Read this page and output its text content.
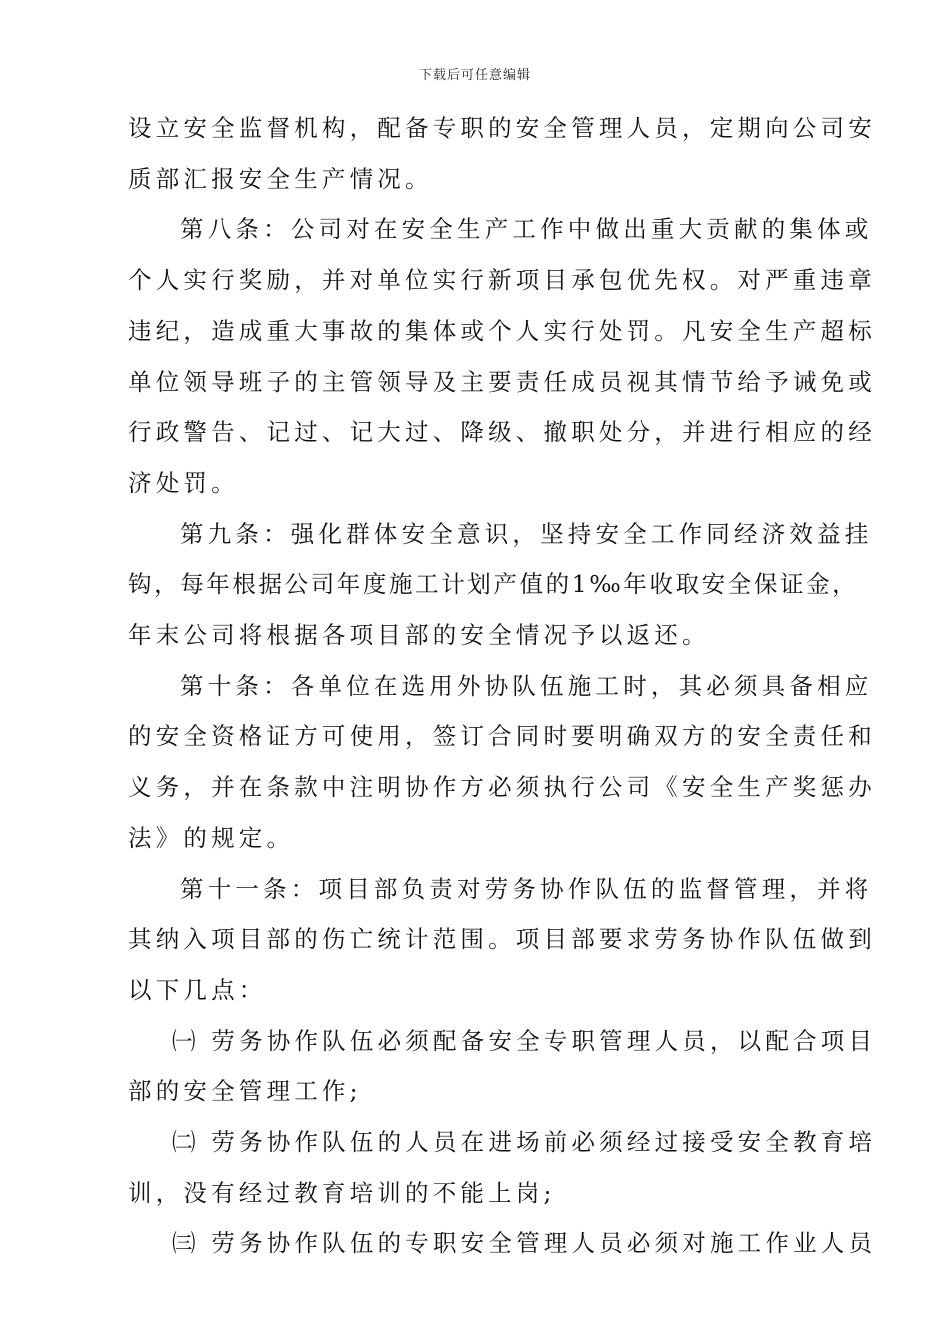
下载后可任意编辑

设立安全监督机构，配备专职的安全管理人员，定期向公司安
质部汇报安全生产情况。

第八条：公司对在安全生产工作中做出重大贡献的集体或
个人实行奖励，并对单位实行新项目承包优先权。对严重违章
违纪，造成重大事故的集体或个人实行处罚。凡安全生产超标
单位领导班子的主管领导及主要责任成员视其情节给予诫免或
行政警告、记过、记大过、降级、撤职处分，并进行相应的经
济处罚。

第九条：强化群体安全意识，坚持安全工作同经济效益挂
钩，每年根据公司年度施工计划产值的1‰年收取安全保证金，
年末公司将根据各项目部的安全情况予以返还。

第十条：各单位在选用外协队伍施工时，其必须具备相应
的安全资格证方可使用，签订合同时要明确双方的安全责任和
义务，并在条款中注明协作方必须执行公司《安全生产奖惩办
法》的规定。

第十一条：项目部负责对劳务协作队伍的监督管理，并将
其纳入项目部的伤亡统计范围。项目部要求劳务协作队伍做到
以下几点：

㈠ 劳务协作队伍必须配备安全专职管理人员，以配合项目
部的安全管理工作;

㈡ 劳务协作队伍的人员在进场前必须经过接受安全教育培
训，没有经过教育培训的不能上岗;

㈢ 劳务协作队伍的专职安全管理人员必须对施工作业人员
